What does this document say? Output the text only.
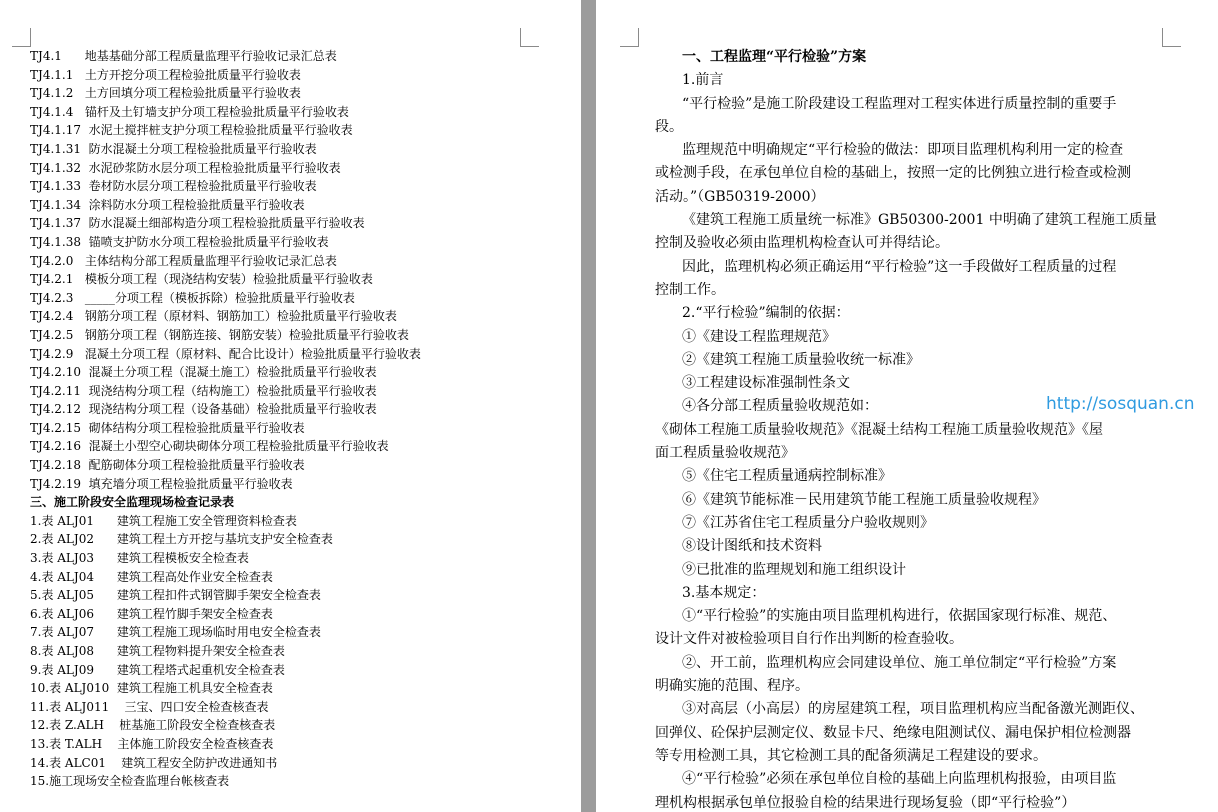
TJ4.1 地基基础分部工程质量监理平行验收记录汇总表
TJ4.1.1 土方开挖分项工程检验批质量平行验收表
TJ4.1.2 土方回填分项工程检验批质量平行验收表
TJ4.1.4 锚杆及土钉墙支护分项工程检验批质量平行验收表
TJ4.1.17 水泥土搅拌桩支护分项工程检验批质量平行验收表
TJ4.1.31 防水混凝土分项工程检验批质量平行验收表
TJ4.1.32 水泥砂浆防水层分项工程检验批质量平行验收表
TJ4.1.33 卷材防水层分项工程检验批质量平行验收表
TJ4.1.34 涂料防水分项工程检验批质量平行验收表
TJ4.1.37 防水混凝土细部构造分项工程检验批质量平行验收表
TJ4.1.38 锚喷支护防水分项工程检验批质量平行验收表
TJ4.2.0 主体结构分部工程质量监理平行验收记录汇总表
TJ4.2.1 模板分项工程（现浇结构安装）检验批质量平行验收表
TJ4.2.3 _____分项工程（模板拆除）检验批质量平行验收表
TJ4.2.4 钢筋分项工程（原材料、钢筋加工）检验批质量平行验收表
TJ4.2.5 钢筋分项工程（钢筋连接、钢筋安装）检验批质量平行验收表
TJ4.2.9 混凝土分项工程（原材料、配合比设计）检验批质量平行验收表
TJ4.2.10 混凝土分项工程（混凝土施工）检验批质量平行验收表
TJ4.2.11 现浇结构分项工程（结构施工）检验批质量平行验收表
TJ4.2.12 现浇结构分项工程（设备基础）检验批质量平行验收表
TJ4.2.15 砌体结构分项工程检验批质量平行验收表
TJ4.2.16 混凝土小型空心砌块砌体分项工程检验批质量平行验收表
TJ4.2.18 配筋砌体分项工程检验批质量平行验收表
TJ4.2.19 填充墙分项工程检验批质量平行验收表
三、施工阶段安全监理现场检查记录表
1.表 ALJ01 建筑工程施工安全管理资料检查表
2.表 ALJ02 建筑工程土方开挖与基坑支护安全检查表
3.表 ALJ03 建筑工程模板安全检查表
4.表 ALJ04 建筑工程高处作业安全检查表
5.表 ALJ05 建筑工程扣件式钢管脚手架安全检查表
6.表 ALJ06 建筑工程竹脚手架安全检查表
7.表 ALJ07 建筑工程施工现场临时用电安全检查表
8.表 ALJ08 建筑工程物料提升架安全检查表
9.表 ALJ09 建筑工程塔式起重机安全检查表
10.表 ALJ010 建筑工程施工机具安全检查表
11.表 ALJ011 三宝、四口安全检查核查表
12.表 Z.ALH 桩基施工阶段安全检查核查表
13.表 T.ALH 主体施工阶段安全检查核查表
14.表 ALC01 建筑工程安全防护改进通知书
15.施工现场安全检查监理台帐核查表
一、工程监理“平行检验”方案
1.前言
“平行检验”是施工阶段建设工程监理对工程实体进行质量控制的重要手
段。
监理规范中明确规定“平行检验的做法：即项目监理机构利用一定的检查
或检测手段，在承包单位自检的基础上，按照一定的比例独立进行检查或检测
活动。”（GB50319-2000）
《建筑工程施工质量统一标准》GB50300-2001 中明确了建筑工程施工质量
控制及验收必须由监理机构检查认可并得结论。
因此，监理机构必须正确运用“平行检验”这一手段做好工程质量的过程
控制工作。
2.“平行检验”编制的依据：
①《建设工程监理规范》
②《建筑工程施工质量验收统一标准》
③工程建设标准强制性条文
④各分部工程质量验收规范如：
《砌体工程施工质量验收规范》《混凝土结构工程施工质量验收规范》《屋
面工程质量验收规范》
⑤《住宅工程质量通病控制标准》
⑥《建筑节能标准－民用建筑节能工程施工质量验收规程》
⑦《江苏省住宅工程质量分户验收规则》
⑧设计图纸和技术资料
⑨已批准的监理规划和施工组织设计
3.基本规定：
①“平行检验”的实施由项目监理机构进行，依据国家现行标准、规范、
设计文件对被检验项目自行作出判断的检查验收。
②、开工前，监理机构应会同建设单位、施工单位制定“平行检验”方案
明确实施的范围、程序。
③对高层（小高层）的房屋建筑工程，项目监理机构应当配备激光测距仪、
回弹仪、砼保护层测定仪、数显卡尺、绝缘电阻测试仪、漏电保护相位检测器
等专用检测工具，其它检测工具的配备须满足工程建设的要求。
④“平行检验”必须在承包单位自检的基础上向监理机构报验，由项目监
理机构根据承包单位报验自检的结果进行现场复验（即“平行检验”）
http://sosquan.cn
